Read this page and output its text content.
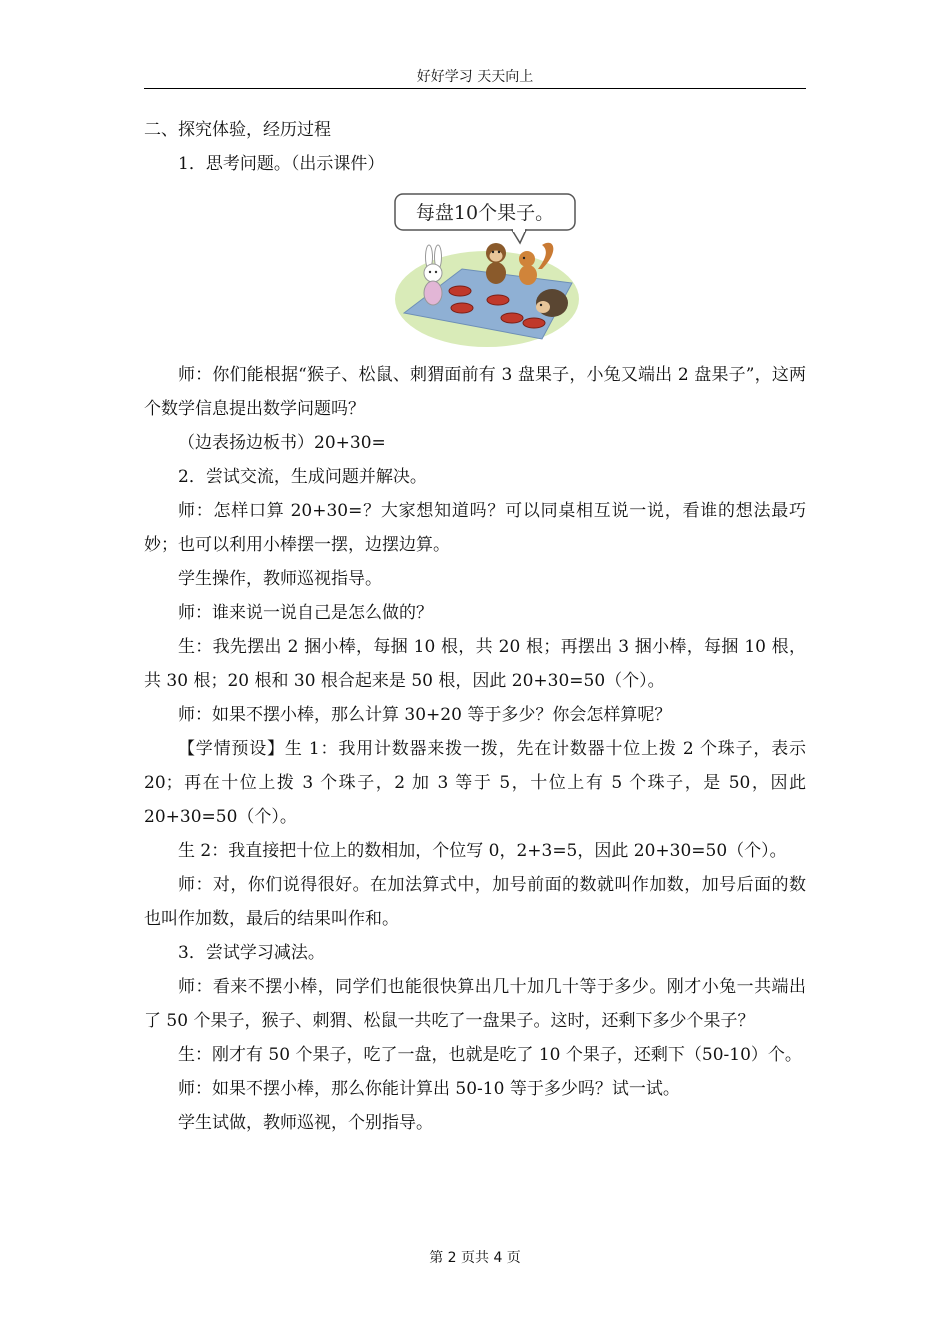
好好学习 天天向上

二、探究体验，经历过程

1．思考问题。（出示课件）

每盘10个果子。

师：你们能根据“猴子、松鼠、刺猬面前有 3 盘果子，小兔又端出 2 盘果子”，这两个数学信息提出数学问题吗？

（边表扬边板书）20+30=

2．尝试交流，生成问题并解决。

师：怎样口算 20+30=？大家想知道吗？可以同桌相互说一说，看谁的想法最巧妙；也可以利用小棒摆一摆，边摆边算。

学生操作，教师巡视指导。

师：谁来说一说自己是怎么做的？

生：我先摆出 2 捆小棒，每捆 10 根，共 20 根；再摆出 3 捆小棒，每捆 10 根，共 30 根；20 根和 30 根合起来是 50 根，因此 20+30=50（个）。

师：如果不摆小棒，那么计算 30+20 等于多少？你会怎样算呢？

【学情预设】生 1：我用计数器来拨一拨，先在计数器十位上拨 2 个珠子，表示 20；再在十位上拨 3 个珠子，2 加 3 等于 5，十位上有 5 个珠子，是 50，因此 20+30=50（个）。

生 2：我直接把十位上的数相加，个位写 0，2+3=5，因此 20+30=50（个）。

师：对，你们说得很好。在加法算式中，加号前面的数就叫作加数，加号后面的数也叫作加数，最后的结果叫作和。

3．尝试学习减法。

师：看来不摆小棒，同学们也能很快算出几十加几十等于多少。刚才小兔一共端出了 50 个果子，猴子、刺猬、松鼠一共吃了一盘果子。这时，还剩下多少个果子？

生：刚才有 50 个果子，吃了一盘，也就是吃了 10 个果子，还剩下（50-10）个。

师：如果不摆小棒，那么你能计算出 50-10 等于多少吗？试一试。

学生试做，教师巡视，个别指导。

第 2 页共 4 页
